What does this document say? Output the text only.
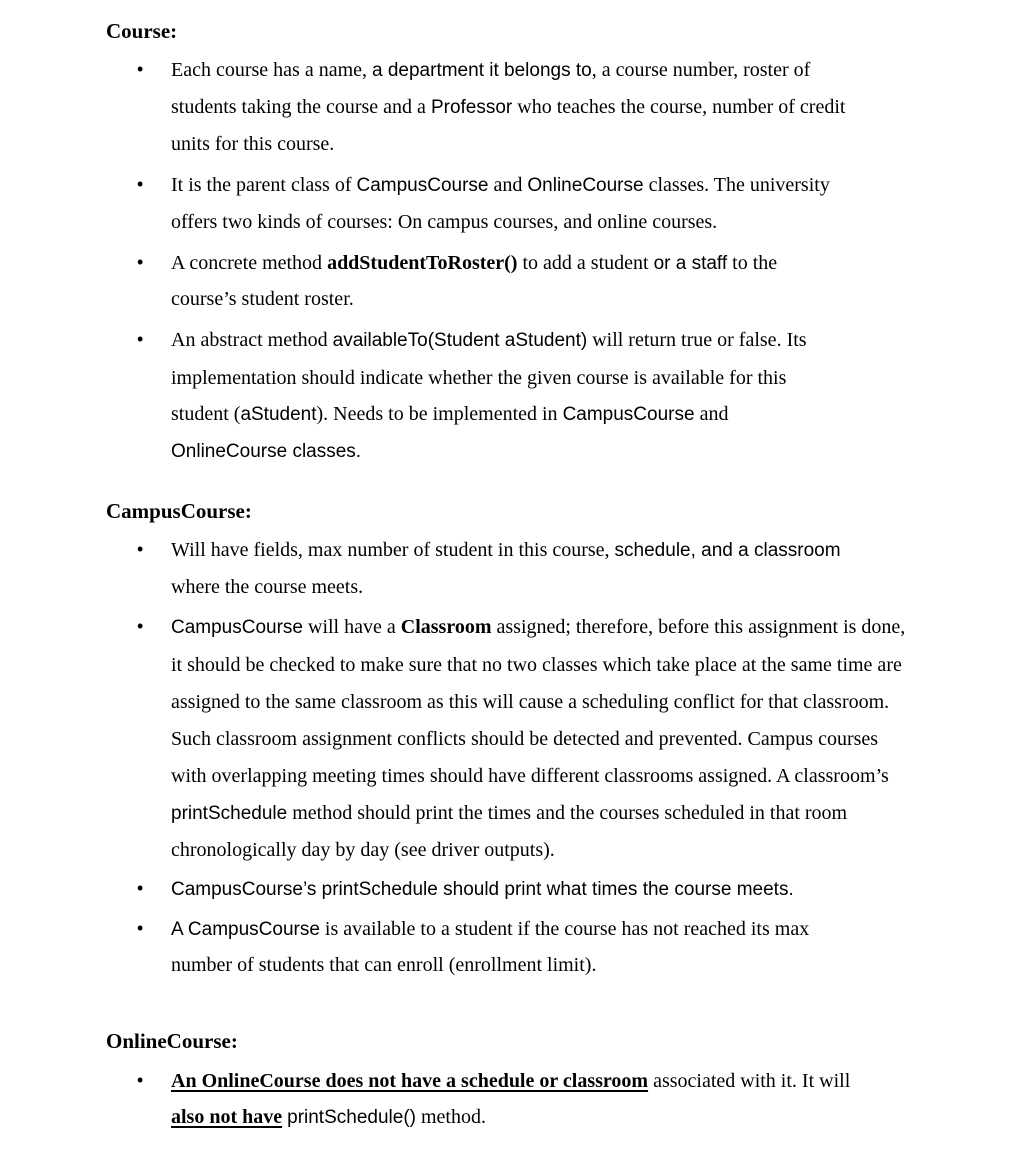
Course:
•
Each course has a name, a department it belongs to, a course number, roster of
students taking the course and a Professor who teaches the course, number of credit
units for this course.
•
It is the parent class of CampusCourse and OnlineCourse classes. The university
offers two kinds of courses: On campus courses, and online courses.
•
A concrete method addStudentToRoster() to add a student or a staff to the
course’s student roster.
•
An abstract method availableTo(Student aStudent) will return true or false. Its
implementation should indicate whether the given course is available for this
student (aStudent). Needs to be implemented in CampusCourse and
OnlineCourse classes.
CampusCourse:
•
Will have fields, max number of student in this course, schedule, and a classroom
where the course meets.
•
CampusCourse will have a Classroom assigned; therefore, before this assignment is done,
it should be checked to make sure that no two classes which take place at the same time are
assigned to the same classroom as this will cause a scheduling conflict for that classroom.
Such classroom assignment conflicts should be detected and prevented. Campus courses
with overlapping meeting times should have different classrooms assigned. A classroom’s
printSchedule method should print the times and the courses scheduled in that room
chronologically day by day (see driver outputs).
•
CampusCourse’s printSchedule should print what times the course meets.
•
A CampusCourse is available to a student if the course has not reached its max
number of students that can enroll (enrollment limit).
OnlineCourse:
•
An OnlineCourse does not have a schedule or classroom associated with it. It will
also not have printSchedule() method.
